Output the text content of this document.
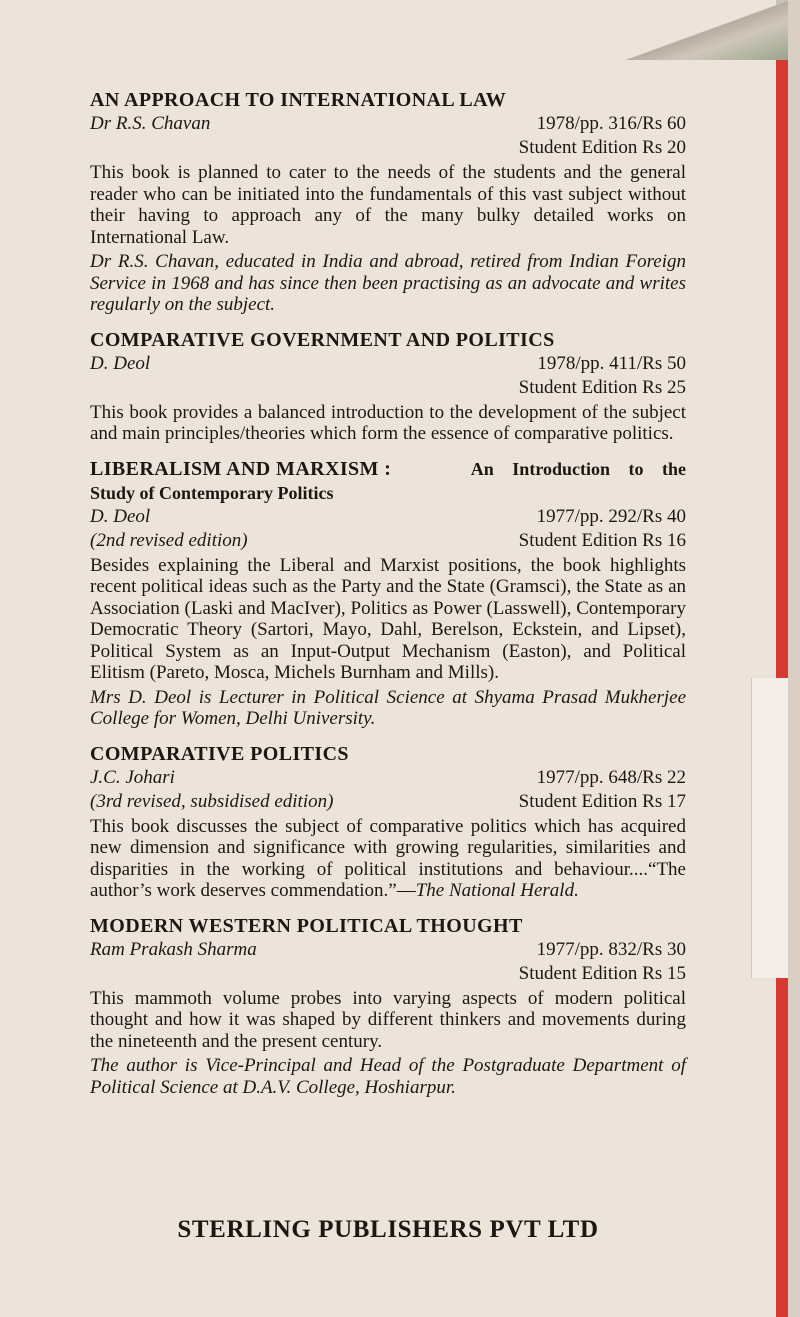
AN APPROACH TO INTERNATIONAL LAW
Dr R.S. Chavan	1978/pp. 316/Rs 60
Student Edition Rs 20
This book is planned to cater to the needs of the students and the general reader who can be initiated into the fundamentals of this vast subject without their having to approach any of the many bulky detailed works on International Law.
Dr R.S. Chavan, educated in India and abroad, retired from Indian Foreign Service in 1968 and has since then been practising as an advocate and writes regularly on the subject.
COMPARATIVE GOVERNMENT AND POLITICS
D. Deol	1978/pp. 411/Rs 50
Student Edition Rs 25
This book provides a balanced introduction to the development of the subject and main principles/theories which form the essence of comparative politics.
LIBERALISM AND MARXISM :	An Introduction to the
Study of Contemporary Politics
D. Deol	1977/pp. 292/Rs 40
(2nd revised edition)	Student Edition Rs 16
Besides explaining the Liberal and Marxist positions, the book highlights recent political ideas such as the Party and the State (Gramsci), the State as an Association (Laski and MacIver), Politics as Power (Lasswell), Contemporary Democratic Theory (Sartori, Mayo, Dahl, Berelson, Eckstein, and Lipset), Political System as an Input-Output Mechanism (Easton), and Political Elitism (Pareto, Mosca, Michels Burnham and Mills).
Mrs D. Deol is Lecturer in Political Science at Shyama Prasad Mukherjee College for Women, Delhi University.
COMPARATIVE POLITICS
J.C. Johari	1977/pp. 648/Rs 22
(3rd revised, subsidised edition)	Student Edition Rs 17
This book discusses the subject of comparative politics which has acquired new dimension and significance with growing regularities, similarities and disparities in the working of political institutions and behaviour....“The author’s work deserves commendation.”—The National Herald.
MODERN WESTERN POLITICAL THOUGHT
Ram Prakash Sharma	1977/pp. 832/Rs 30
Student Edition Rs 15
This mammoth volume probes into varying aspects of modern political thought and how it was shaped by different thinkers and movements during the nineteenth and the present century.
The author is Vice-Principal and Head of the Postgraduate Department of Political Science at D.A.V. College, Hoshiarpur.
STERLING PUBLISHERS PVT LTD
